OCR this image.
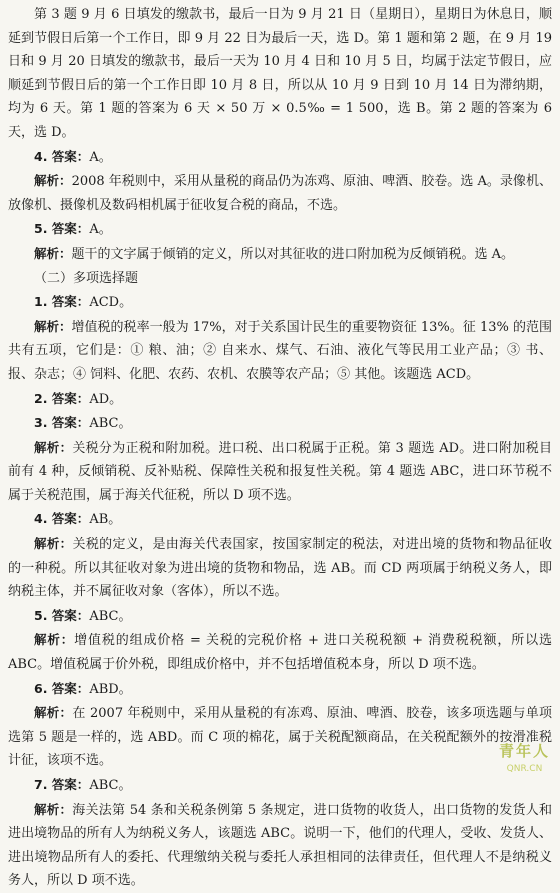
第 3 题 9 月 6 日填发的缴款书，最后一日为 9 月 21 日（星期日），星期日为休息日，顺延到节假日后第一个工作日，即 9 月 22 日为最后一天，选 D。第 1 题和第 2 题，在 9 月 19 日和 9 月 20 日填发的缴款书，最后一天为 10 月 4 日和 10 月 5 日，均属于法定节假日，应顺延到节假日后的第一个工作日即 10 月 8 日，所以从 10 月 9 日到 10 月 14 日为滞纳期，均为 6 天。第 1 题的答案为 6 天 × 50 万 × 0.5‰ = 1 500，选 B。第 2 题的答案为 6 天，选 D。

4. 答案：A。

解析：2008 年税则中，采用从量税的商品仍为冻鸡、原油、啤酒、胶卷。选 A。录像机、放像机、摄像机及数码相机属于征收复合税的商品，不选。

5. 答案：A。

解析：题干的文字属于倾销的定义，所以对其征收的进口附加税为反倾销税。选 A。

（二）多项选择题

1. 答案：ACD。

解析：增值税的税率一般为 17%，对于关系国计民生的重要物资征 13%。征 13% 的范围共有五项，它们是：① 粮、油；② 自来水、煤气、石油、液化气等民用工业产品；③ 书、报、杂志；④ 饲料、化肥、农药、农机、农膜等农产品；⑤ 其他。该题选 ACD。

2. 答案：AD。

3. 答案：ABC。

解析：关税分为正税和附加税。进口税、出口税属于正税。第 3 题选 AD。进口附加税目前有 4 种，反倾销税、反补贴税、保障性关税和报复性关税。第 4 题选 ABC，进口环节税不属于关税范围，属于海关代征税，所以 D 项不选。

4. 答案：AB。

解析：关税的定义，是由海关代表国家，按国家制定的税法，对进出境的货物和物品征收的一种税。所以其征收对象为进出境的货物和物品，选 AB。而 CD 两项属于纳税义务人，即纳税主体，并不属征收对象（客体），所以不选。

5. 答案：ABC。

解析：增值税的组成价格 = 关税的完税价格 + 进口关税税额 + 消费税税额，所以选 ABC。增值税属于价外税，即组成价格中，并不包括增值税本身，所以 D 项不选。

6. 答案：ABD。

解析：在 2007 年税则中，采用从量税的有冻鸡、原油、啤酒、胶卷，该多项选题与单项选第 5 题是一样的，选 ABD。而 C 项的棉花，属于关税配额商品，在关税配额外的按滑准税计征，该项不选。

7. 答案：ABC。

解析：海关法第 54 条和关税条例第 5 条规定，进口货物的收货人，出口货物的发货人和进出境物品的所有人为纳税义务人，该题选 ABC。说明一下，他们的代理人，受收、发货人、进出境物品所有人的委托、代理缴纳关税与委托人承担相同的法律责任，但代理人不是纳税义务人，所以 D 项不选。

青年人
QNR.CN
